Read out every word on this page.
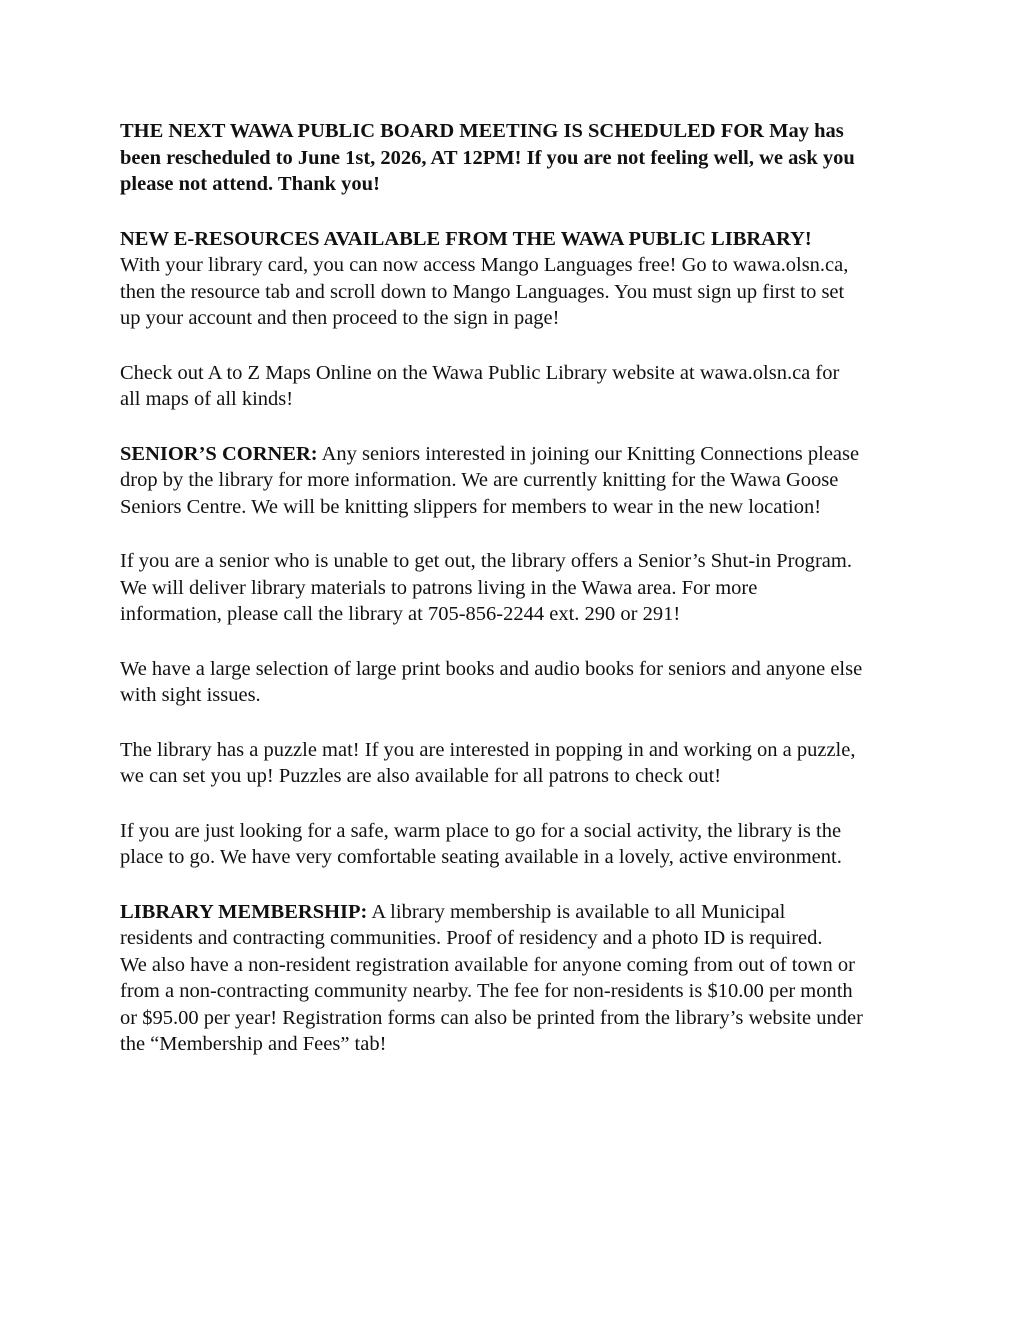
THE NEXT WAWA PUBLIC BOARD MEETING IS SCHEDULED FOR May has
been rescheduled to June 1st, 2026, AT 12PM! If you are not feeling well, we ask you
please not attend. Thank you!

NEW E-RESOURCES AVAILABLE FROM THE WAWA PUBLIC LIBRARY!
With your library card, you can now access Mango Languages free! Go to wawa.olsn.ca,
then the resource tab and scroll down to Mango Languages. You must sign up first to set
up your account and then proceed to the sign in page!

Check out A to Z Maps Online on the Wawa Public Library website at wawa.olsn.ca for
all maps of all kinds!

SENIOR’S CORNER: Any seniors interested in joining our Knitting Connections please
drop by the library for more information. We are currently knitting for the Wawa Goose
Seniors Centre. We will be knitting slippers for members to wear in the new location!

If you are a senior who is unable to get out, the library offers a Senior’s Shut-in Program.
We will deliver library materials to patrons living in the Wawa area. For more
information, please call the library at 705-856-2244 ext. 290 or 291!

We have a large selection of large print books and audio books for seniors and anyone else
with sight issues.

The library has a puzzle mat! If you are interested in popping in and working on a puzzle,
we can set you up! Puzzles are also available for all patrons to check out!

If you are just looking for a safe, warm place to go for a social activity, the library is the
place to go. We have very comfortable seating available in a lovely, active environment.

LIBRARY MEMBERSHIP: A library membership is available to all Municipal
residents and contracting communities. Proof of residency and a photo ID is required.
We also have a non-resident registration available for anyone coming from out of town or
from a non-contracting community nearby. The fee for non-residents is $10.00 per month
or $95.00 per year! Registration forms can also be printed from the library’s website under
the “Membership and Fees” tab!
